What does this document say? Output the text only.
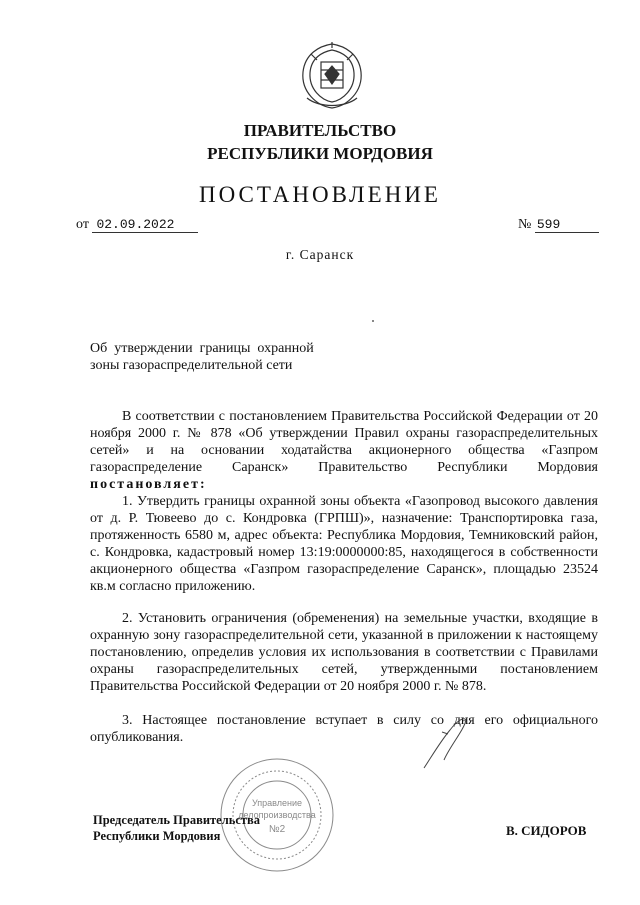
ПРАВИТЕЛЬСТВО
РЕСПУБЛИКИ МОРДОВИЯ
ПОСТАНОВЛЕНИЕ
от 02.09.2022	№ 599
г. Саранск
Об  утверждении  границы  охранной
зоны газораспределительной сети
В соответствии с постановлением Правительства Российской Федерации от 20 ноября 2000 г. № 878 «Об утверждении Правил охраны газораспределительных сетей» и на основании ходатайства акционерного общества «Газпром газораспределение Саранск» Правительство Республики Мордовия постановляет:
1. Утвердить границы охранной зоны объекта «Газопровод высокого давления от д. Р. Тювеево до с. Кондровка (ГРПШ)», назначение: Транспортировка газа, протяженность 6580 м, адрес объекта: Республика Мордовия, Темниковский район, с. Кондровка, кадастровый номер 13:19:0000000:85, находящегося в собственности акционерного общества «Газпром газораспределение Саранск», площадью 23524 кв.м согласно приложению.
2. Установить ограничения (обременения) на земельные участки, входящие в охранную зону газораспределительной сети, указанной в приложении к настоящему постановлению, определив условия их использования в соответствии с Правилами охраны газораспределительных сетей, утвержденными постановлением Правительства Российской Федерации от 20 ноября 2000 г. № 878.
3. Настоящее постановление вступает в силу со дня его официального опубликования.
Управление
делопроизводства
№2
Председатель Правительства
Республики Мордовия	В. СИДОРОВ
